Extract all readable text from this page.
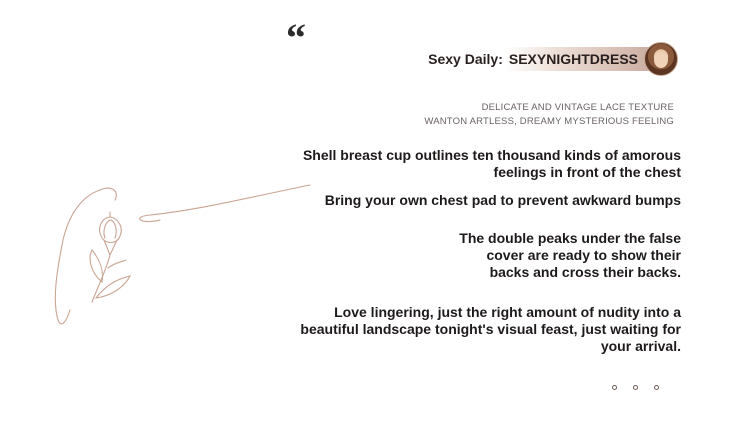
“	Sexy Daily: SEXYNIGHTDRESS
DELICATE AND VINTAGE LACE TEXTURE
WANTON ARTLESS, DREAMY MYSTERIOUS FEELING
Shell breast cup outlines ten thousand kinds of amorous
feelings in front of the chest
Bring your own chest pad to prevent awkward bumps
The double peaks under the false
cover are ready to show their
backs and cross their backs.
Love lingering, just the right amount of nudity into a
beautiful landscape tonight's visual feast, just waiting for
your arrival.
